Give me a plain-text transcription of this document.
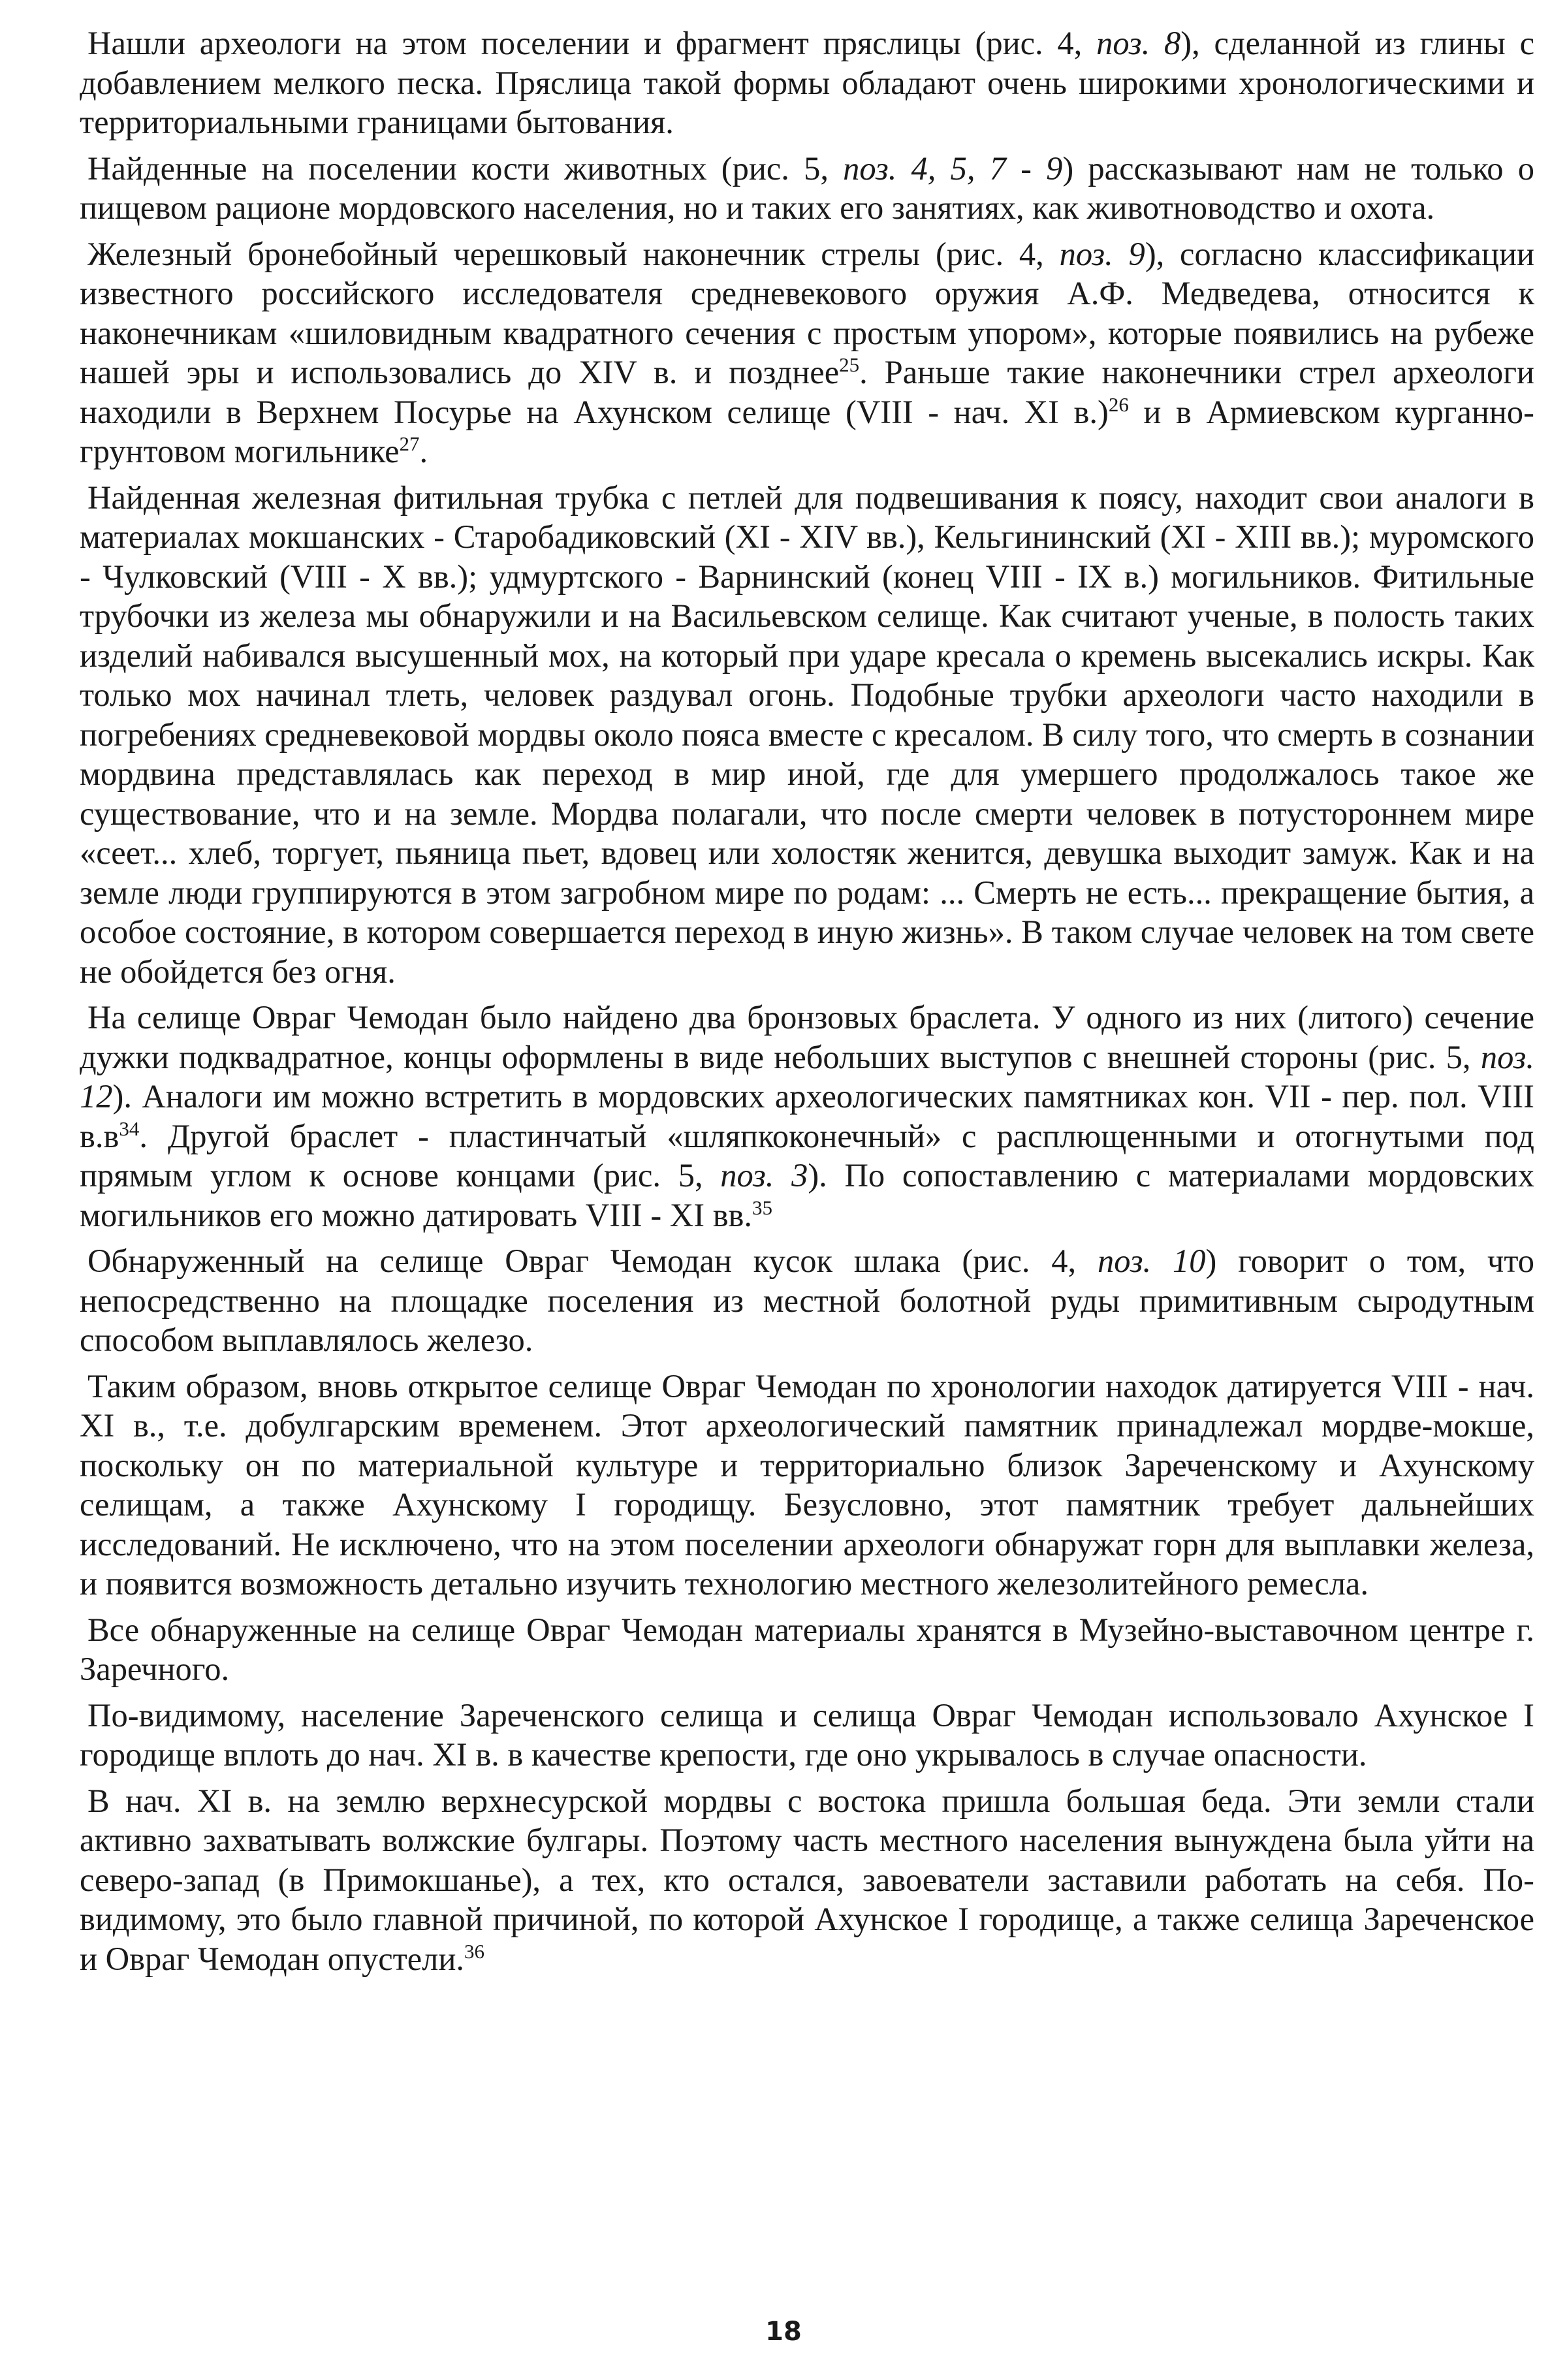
Нашли археологи на этом поселении и фрагмент пряслицы (рис. 4, поз. 8), сделанной из глины с добавлением мелкого песка. Пряслица такой формы обладают очень широкими хронологическими и территориальными границами бытования.

Найденные на поселении кости животных (рис. 5, поз. 4, 5, 7 - 9) рассказывают нам не только о пищевом рационе мордовского населения, но и таких его занятиях, как животноводство и охота.

Железный бронебойный черешковый наконечник стрелы (рис. 4, поз. 9), согласно классификации известного российского исследователя средневекового оружия А.Ф. Медведева, относится к наконечникам «шиловидным квадратного сечения с простым упором», которые появились на рубеже нашей эры и использовались до XIV в. и позднее$^{25}$. Раньше такие наконечники стрел археологи находили в Верхнем Посурье на Ахунском селище (VIII - нач. XI в.)$^{26}$ и в Армиевском курганно-грунтовом могильнике$^{27}$.

Найденная железная фитильная трубка с петлей для подвешивания к поясу, находит свои аналоги в материалах мокшанских - Старобадиковский (XI - XIV вв.), Кельгининский (XI - XIII вв.); муромского - Чулковский (VIII - X вв.); удмуртского - Варнинский (конец VIII - IX в.) могильников. Фитильные трубочки из железа мы обнаружили и на Васильевском селище. Как считают ученые, в полость таких изделий набивался высушенный мох, на который при ударе кресала о кремень высекались искры. Как только мох начинал тлеть, человек раздувал огонь. Подобные трубки археологи часто находили в погребениях средневековой мордвы около пояса вместе с кресалом. В силу того, что смерть в сознании мордвина представлялась как переход в мир иной, где для умершего продолжалось такое же существование, что и на земле. Мордва полагали, что после смерти человек в потустороннем мире «сеет... хлеб, торгует, пьяница пьет, вдовец или холостяк женится, девушка выходит замуж. Как и на земле люди группируются в этом загробном мире по родам: ... Смерть не есть... прекращение бытия, а особое состояние, в котором совершается переход в иную жизнь». В таком случае человек на том свете не обойдется без огня.

На селище Овраг Чемодан было найдено два бронзовых браслета. У одного из них (литого) сечение дужки подквадратное, концы оформлены в виде небольших выступов с внешней стороны (рис. 5, поз. 12). Аналоги им можно встретить в мордовских археологических памятниках кон. VII - пер. пол. VIII $в.в^{34}$. Другой браслет - пластинчатый «шляпкоконечный» с расплющенными и отогнутыми под прямым углом к основе концами (рис. 5, поз. 3). По сопоставлению с материалами мордовских могильников его можно датировать VIII - XI вв.$^{35}$

Обнаруженный на селище Овраг Чемодан кусок шлака (рис. 4, поз. 10) говорит о том, что непосредственно на площадке поселения из местной болотной руды примитивным сыродутным способом выплавлялось железо.

Таким образом, вновь открытое селище Овраг Чемодан по хронологии находок датируется VIII - нач. XI в., т.е. добулгарским временем. Этот археологический памятник принадлежал мордве-мокше, поскольку он по материальной культуре и территориально близок Зареченскому и Ахунскому селищам, а также Ахунскому I городищу. Безусловно, этот памятник требует дальнейших исследований. Не исключено, что на этом поселении археологи обнаружат горн для выплавки железа, и появится возможность детально изучить технологию местного железолитейного ремесла.

Все обнаруженные на селище Овраг Чемодан материалы хранятся в Музейно-выставочном центре г. Заречного.

По-видимому, население Зареченского селища и селища Овраг Чемодан использовало Ахунское I городище вплоть до нач. XI в. в качестве крепости, где оно укрывалось в случае опасности.

В нач. XI в. на землю верхнесурской мордвы с востока пришла большая беда. Эти земли стали активно захватывать волжские булгары. Поэтому часть местного населения вынуждена была уйти на северо-запад (в Примокшанье), а тех, кто остался, завоеватели заставили работать на себя. По-видимому, это было главной причиной, по которой Ахунское I городище, а также селища Зареченское и Овраг Чемодан опустели.$^{36}$

18
